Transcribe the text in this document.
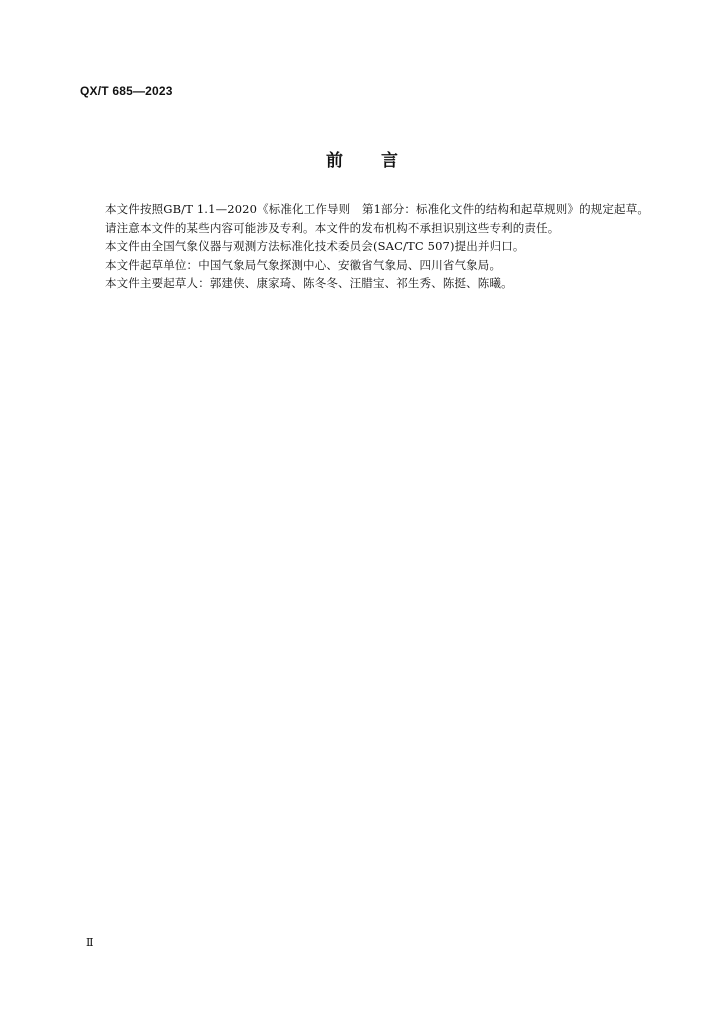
QX/T 685—2023
前 言

本文件按照GB/T 1.1—2020《标准化工作导则　第1部分：标准化文件的结构和起草规则》的规定起草。

请注意本文件的某些内容可能涉及专利。本文件的发布机构不承担识别这些专利的责任。

本文件由全国气象仪器与观测方法标准化技术委员会(SAC/TC 507)提出并归口。

本文件起草单位：中国气象局气象探测中心、安徽省气象局、四川省气象局。

本文件主要起草人：郭建侠、康家琦、陈冬冬、汪腊宝、祁生秀、陈挺、陈曦。

Ⅱ
